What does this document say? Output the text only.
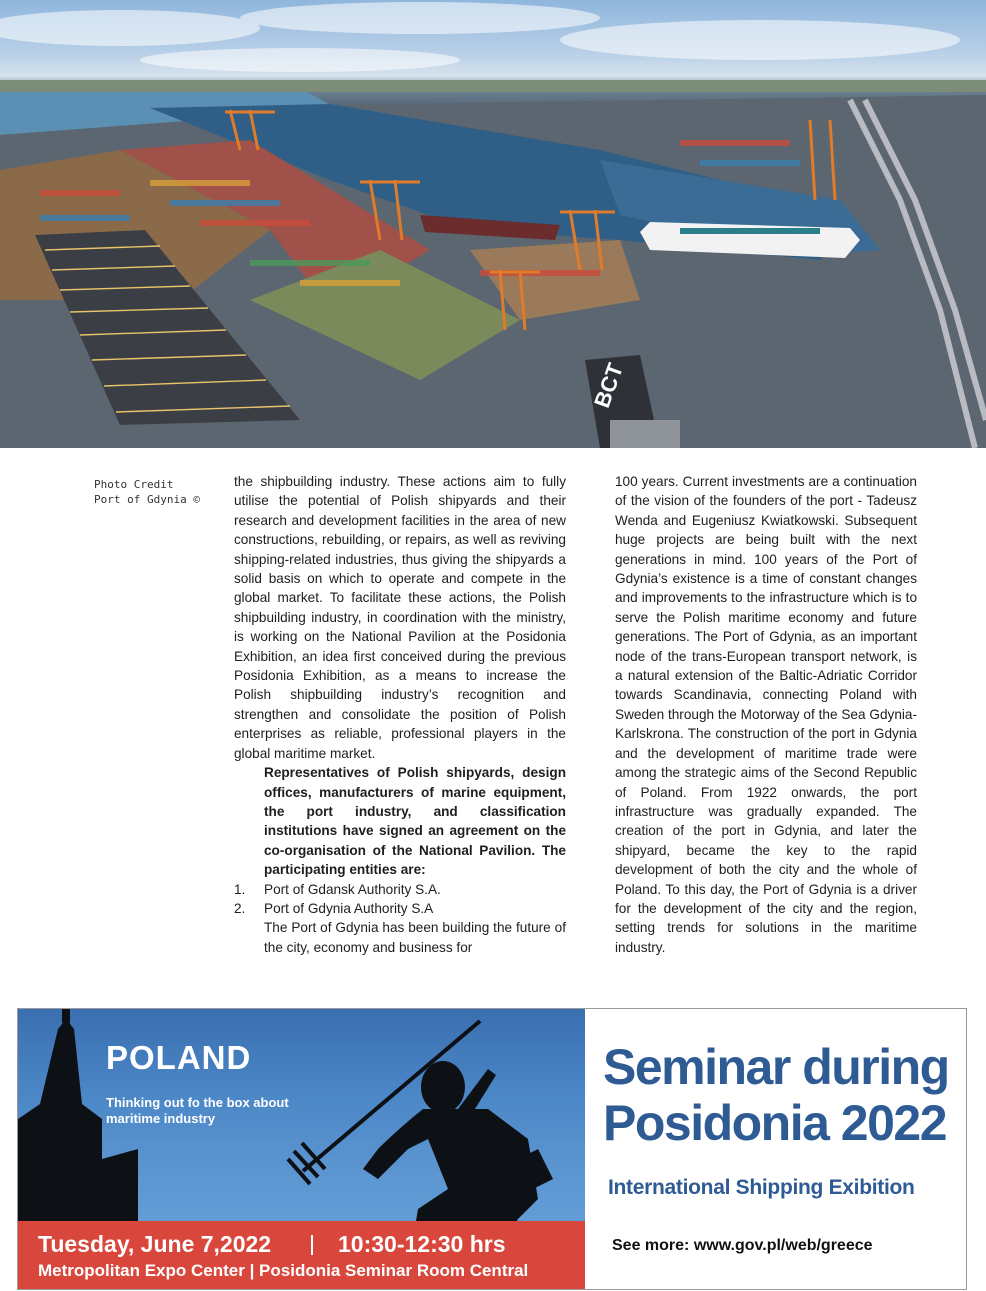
BCT
Photo Credit
Port of Gdynia ©

the shipbuilding industry. These actions aim to fully utilise the potential of Polish shipyards and their research and development facilities in the area of new constructions, rebuilding, or repairs, as well as reviving shipping-related industries, thus giving the shipyards a solid basis on which to operate and compete in the global market. To facilitate these actions, the Polish shipbuilding industry, in coordination with the ministry, is working on the National Pavilion at the Posidonia Exhibition, an idea first conceived during the previous Posidonia Exhibition, as a means to increase the Polish shipbuilding industry’s recognition and strengthen and consolidate the position of Polish enterprises as reliable, professional players in the global maritime market.

Representatives of Polish shipyards, design offices, manufacturers of marine equipment, the port industry, and classification institutions have signed an agreement on the co-organisation of the National Pavilion. The participating entities are:

1. Port of Gdansk Authority S.A.
2. Port of Gdynia Authority S.A

The Port of Gdynia has been building the future of the city, economy and business for

100 years. Current investments are a continuation of the vision of the founders of the port - Tadeusz Wenda and Eugeniusz Kwiatkowski. Subsequent huge projects are being built with the next generations in mind. 100 years of the Port of Gdynia’s existence is a time of constant changes and improvements to the infrastructure which is to serve the Polish maritime economy and future generations. The Port of Gdynia, as an important node of the trans-European transport network, is a natural extension of the Baltic-Adriatic Corridor towards Scandinavia, connecting Poland with Sweden through the Motorway of the Sea Gdynia-Karlskrona. The construction of the port in Gdynia and the development of maritime trade were among the strategic aims of the Second Republic of Poland. From 1922 onwards, the port infrastructure was gradually expanded. The creation of the port in Gdynia, and later the shipyard, became the key to the rapid development of both the city and the whole of Poland. To this day, the Port of Gdynia is a driver for the development of the city and the region, setting trends for solutions in the maritime industry.

POLAND
Thinking out fo the box about maritime industry
Tuesday, June 7,2022	10:30-12:30 hrs
Metropolitan Expo Center | Posidonia Seminar Room Central
Seminar during
Posidonia 2022
International Shipping Exibition
See more: www.gov.pl/web/greece
